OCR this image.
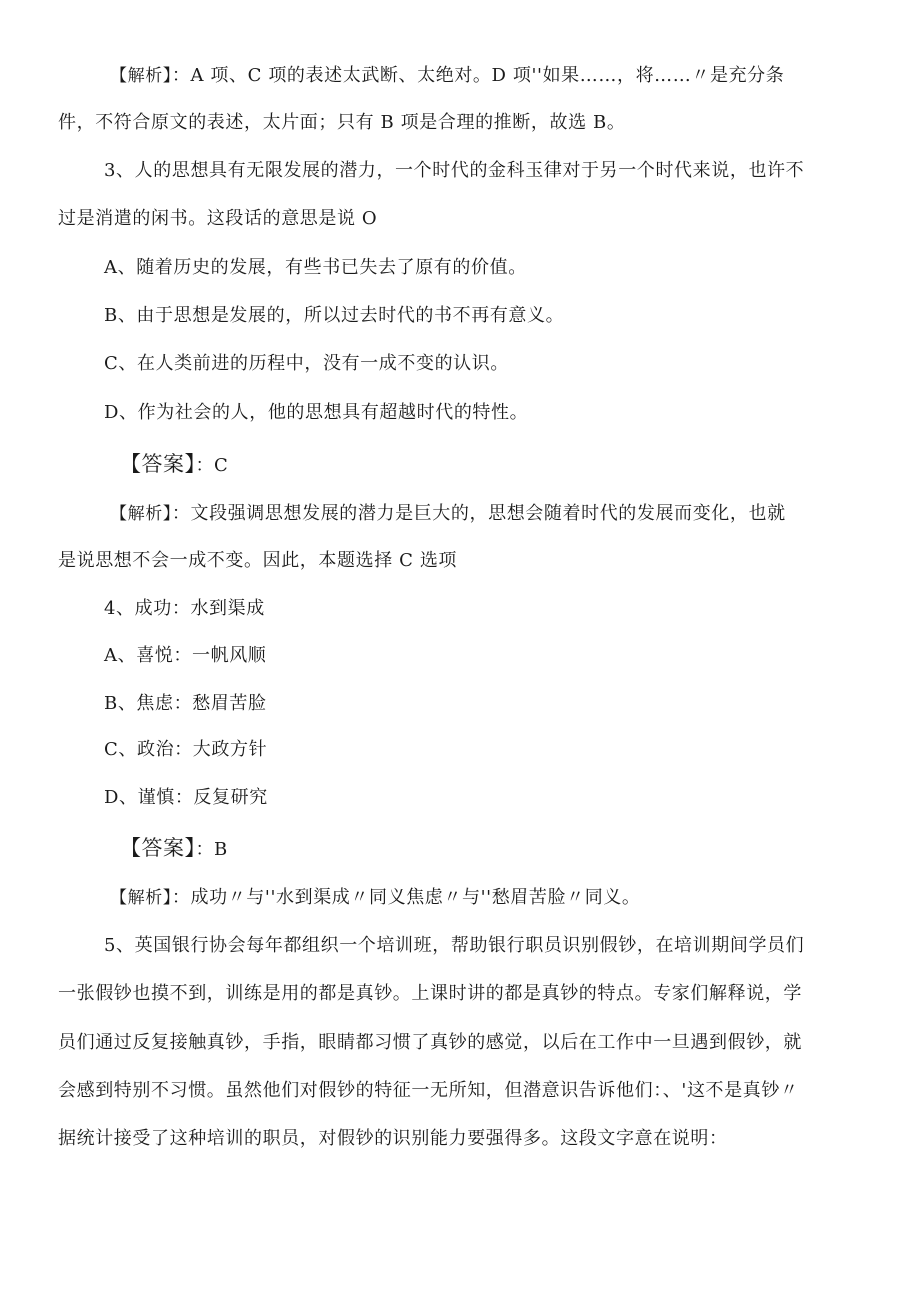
【解析】：A 项、C 项的表述太武断、太绝对。D 项''如果……，将……〃是充分条
件，不符合原文的表述，太片面；只有 B 项是合理的推断，故选 B。
3、人的思想具有无限发展的潜力，一个时代的金科玉律对于另一个时代来说，也许不
过是消遣的闲书。这段话的意思是说 O
A、随着历史的发展，有些书已失去了原有的价值。
B、由于思想是发展的，所以过去时代的书不再有意义。
C、在人类前进的历程中，没有一成不变的认识。
D、作为社会的人，他的思想具有超越时代的特性。
【答案】：C
【解析】：文段强调思想发展的潜力是巨大的，思想会随着时代的发展而变化，也就
是说思想不会一成不变。因此，本题选择 C 选项
4、成功：水到渠成
A、喜悦：一帆风顺
B、焦虑：愁眉苦脸
C、政治：大政方针
D、谨慎：反复研究
【答案】：B
【解析】：成功〃与''水到渠成〃同义焦虑〃与''愁眉苦脸〃同义。
5、英国银行协会每年都组织一个培训班，帮助银行职员识别假钞，在培训期间学员们
一张假钞也摸不到，训练是用的都是真钞。上课时讲的都是真钞的特点。专家们解释说，学
员们通过反复接触真钞，手指，眼睛都习惯了真钞的感觉，以后在工作中一旦遇到假钞，就
会感到特别不习惯。虽然他们对假钞的特征一无所知，但潜意识告诉他们：、'这不是真钞〃
据统计接受了这种培训的职员，对假钞的识别能力要强得多。这段文字意在说明：
